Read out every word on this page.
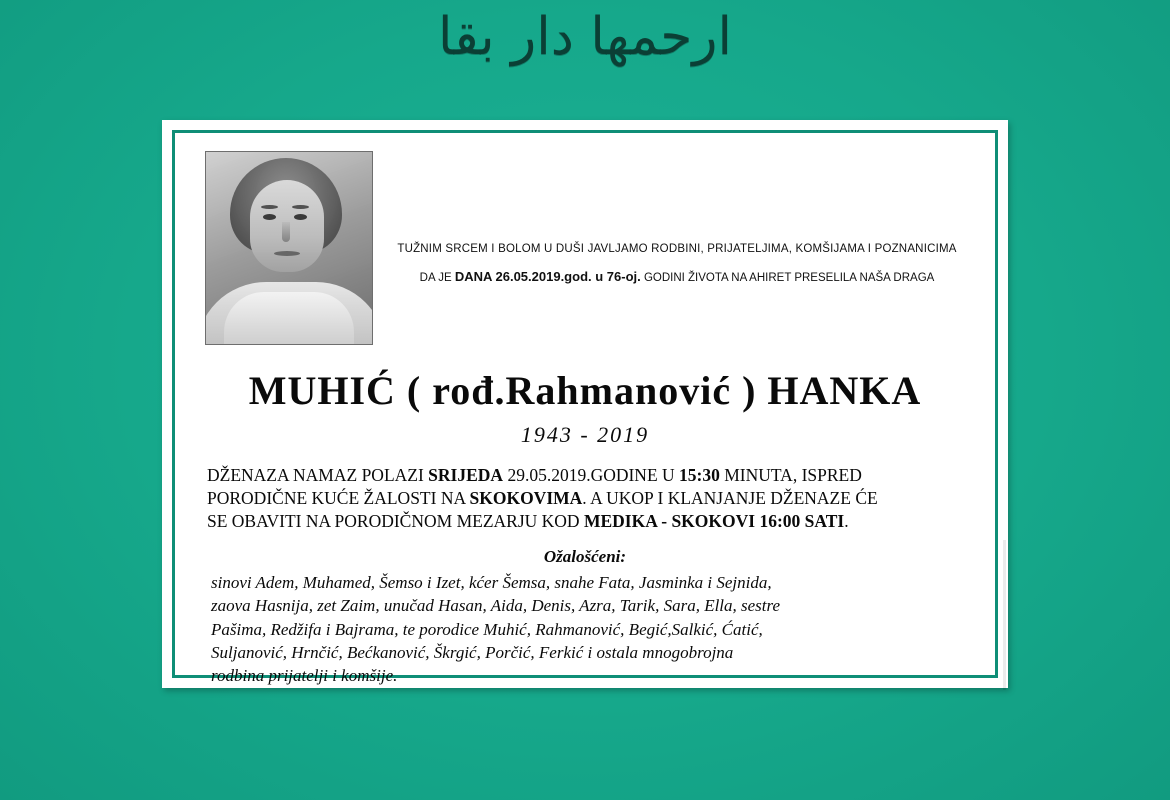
ارحمها دار بقا
TUŽNIM SRCEM I BOLOM U DUŠI JAVLJAMO RODBINI, PRIJATELJIMA, KOMŠIJAMA I POZNANICIMA
DA JE DANA 26.05.2019.god. u 76-oj. GODINI ŽIVOTA NA AHIRET PRESELILA NAŠA DRAGA
MUHIĆ ( rođ.Rahmanović ) HANKA
1943 - 2019
DŽENAZA NAMAZ POLAZI SRIJEDA 29.05.2019.GODINE U 15:30 MINUTA, ISPRED
PORODIČNE KUĆE ŽALOSTI NA SKOKOVIMA. A UKOP I KLANJANJE DŽENAZE ĆE
SE OBAVITI NA PORODIČNOM MEZARJU KOD MEDIKA - SKOKOVI 16:00 SATI.
Ožalošćeni:
sinovi Adem, Muhamed, Šemso i Izet, kćer Šemsa, snahe Fata, Jasminka i Sejnida,
zaova Hasnija, zet Zaim, unučad Hasan, Aida, Denis, Azra, Tarik, Sara, Ella, sestre
Pašima, Redžifa i Bajrama, te porodice Muhić, Rahmanović, Begić,Salkić, Ćatić,
Suljanović, Hrnčić, Bećkanović, Škrgić, Porčić, Ferkić i ostala mnogobrojna
rodbina prijatelji i komšije.
